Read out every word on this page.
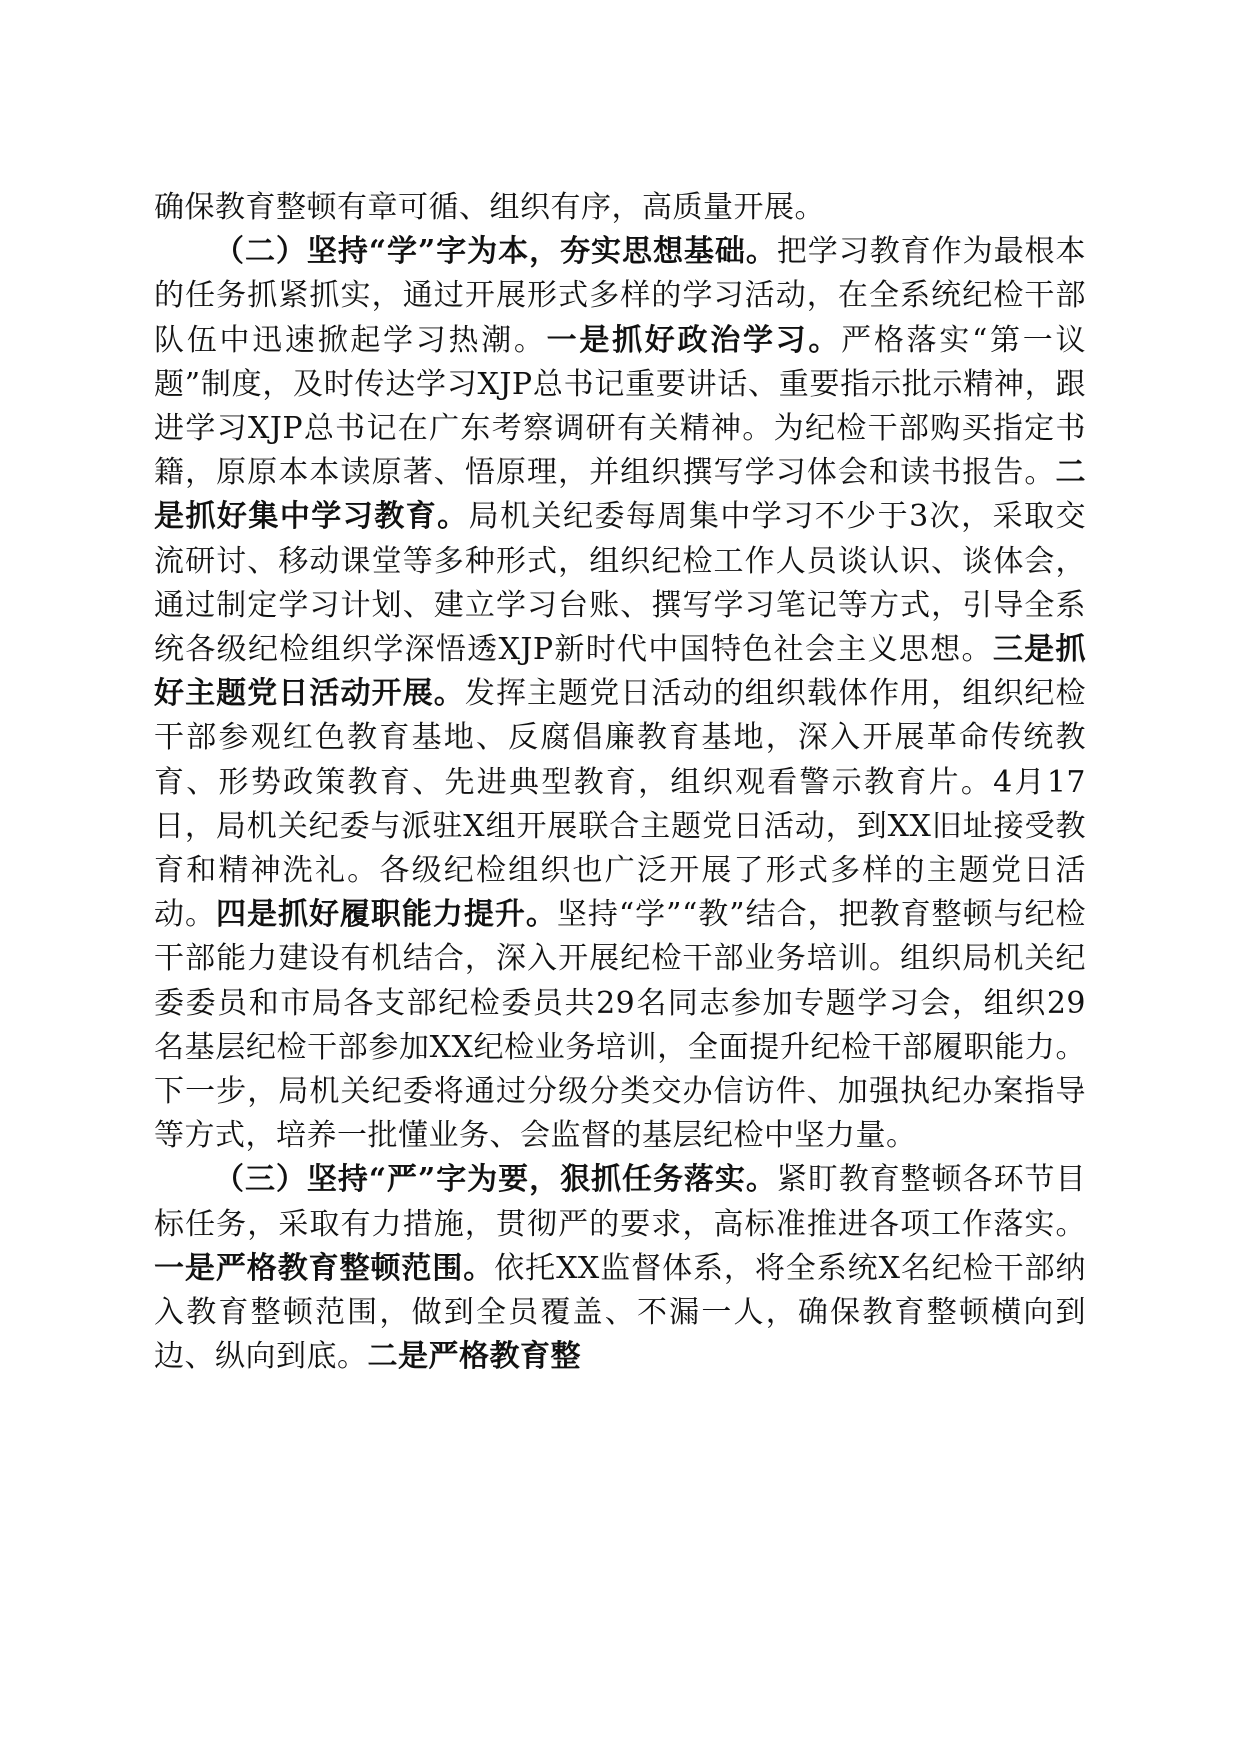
确保教育整顿有章可循、组织有序，高质量开展。

（二）坚持“学”字为本，夯实思想基础。把学习教育作为最根本的任务抓紧抓实，通过开展形式多样的学习活动，在全系统纪检干部队伍中迅速掀起学习热潮。一是抓好政治学习。严格落实“第一议题”制度，及时传达学习XJP总书记重要讲话、重要指示批示精神，跟进学习XJP总书记在广东考察调研有关精神。为纪检干部购买指定书籍，原原本本读原著、悟原理，并组织撰写学习体会和读书报告。二是抓好集中学习教育。局机关纪委每周集中学习不少于3次，采取交流研讨、移动课堂等多种形式，组织纪检工作人员谈认识、谈体会，通过制定学习计划、建立学习台账、撰写学习笔记等方式，引导全系统各级纪检组织学深悟透XJP新时代中国特色社会主义思想。三是抓好主题党日活动开展。发挥主题党日活动的组织载体作用，组织纪检干部参观红色教育基地、反腐倡廉教育基地，深入开展革命传统教育、形势政策教育、先进典型教育，组织观看警示教育片。4月17日，局机关纪委与派驻X组开展联合主题党日活动，到XX旧址接受教育和精神洗礼。各级纪检组织也广泛开展了形式多样的主题党日活动。四是抓好履职能力提升。坚持“学”“教”结合，把教育整顿与纪检干部能力建设有机结合，深入开展纪检干部业务培训。组织局机关纪委委员和市局各支部纪检委员共29名同志参加专题学习会，组织29名基层纪检干部参加XX纪检业务培训，全面提升纪检干部履职能力。下一步，局机关纪委将通过分级分类交办信访件、加强执纪办案指导等方式，培养一批懂业务、会监督的基层纪检中坚力量。

（三）坚持“严”字为要，狠抓任务落实。紧盯教育整顿各环节目标任务，采取有力措施，贯彻严的要求，高标准推进各项工作落实。一是严格教育整顿范围。依托XX监督体系，将全系统X名纪检干部纳入教育整顿范围，做到全员覆盖、不漏一人，确保教育整顿横向到边、纵向到底。二是严格教育整
